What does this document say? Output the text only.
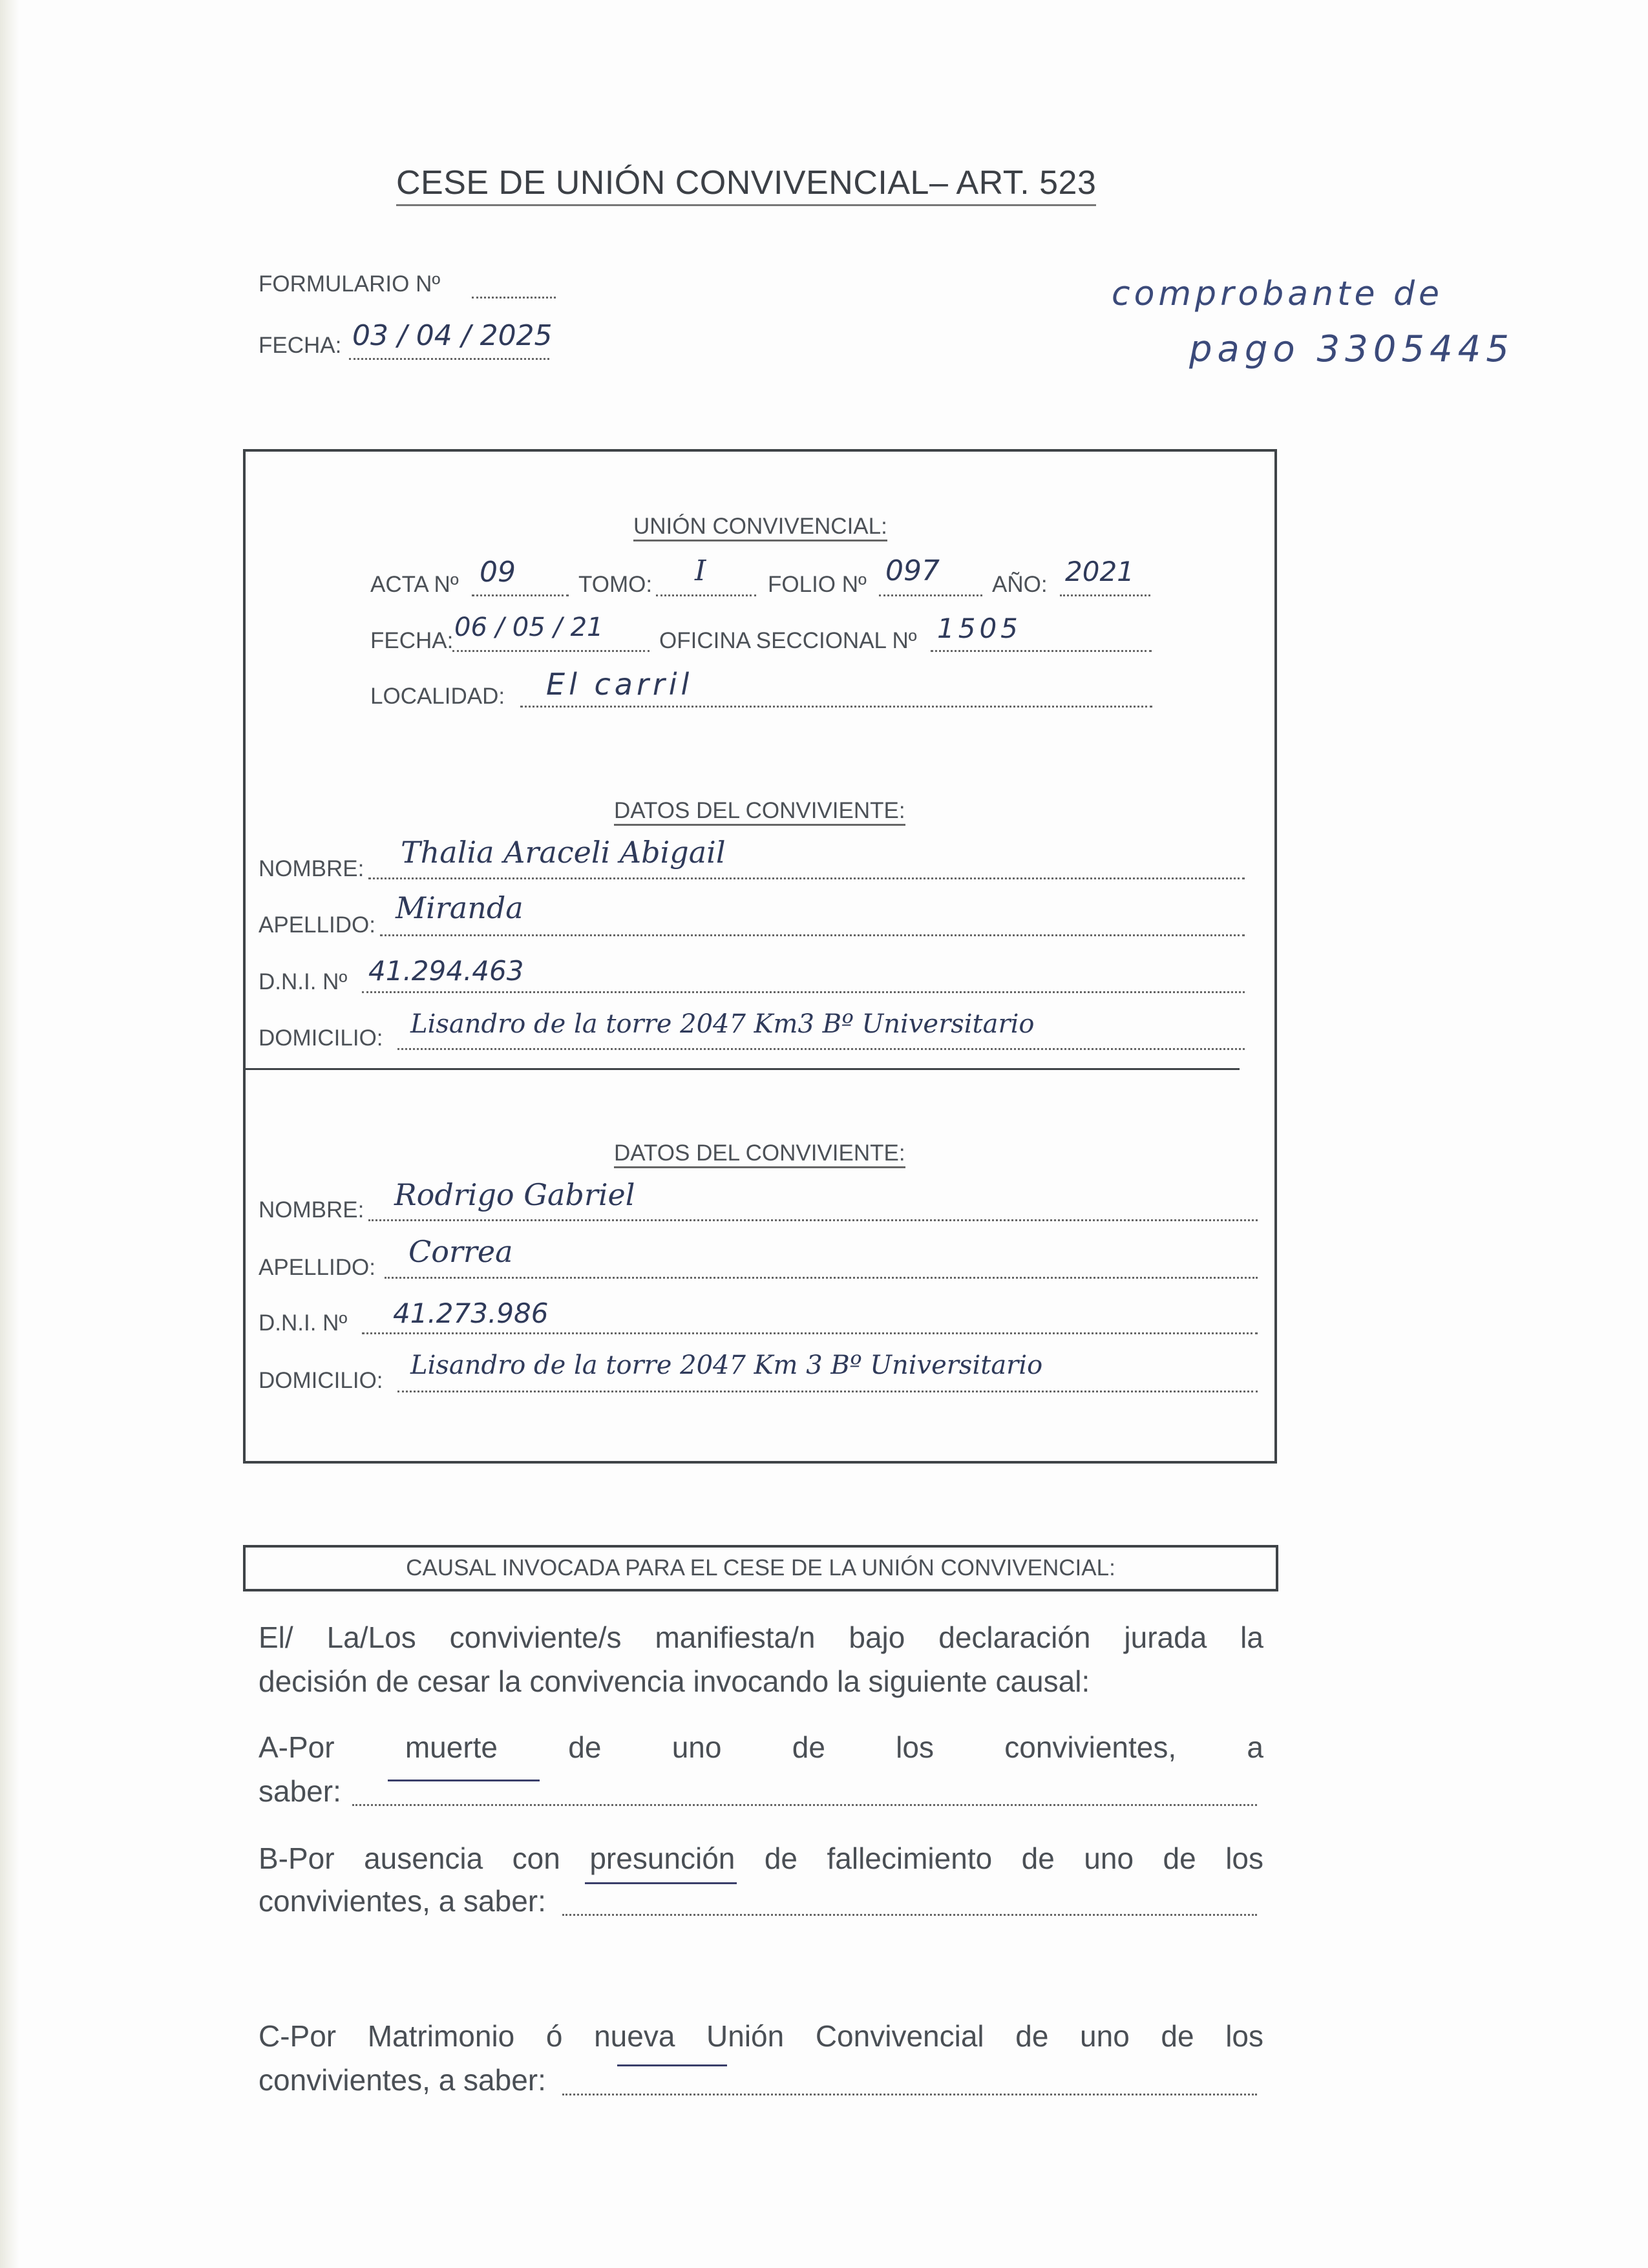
CESE DE UNIÓN CONVIVENCIAL– ART. 523
FORMULARIO Nº
FECHA: 03 / 04 / 2025
comprobante de
pago 3305445
UNIÓN CONVIVENCIAL:
ACTA Nº 09	TOMO: I	FOLIO Nº 097 AÑO: 2021
FECHA: 06 / 05 / 21 OFICINA SECCIONAL Nº 1505
LOCALIDAD: El carril
DATOS DEL CONVIVIENTE:
NOMBRE: Thalia Araceli Abigail
APELLIDO: Miranda
D.N.I. Nº 41.294.463
DOMICILIO: Lisandro de la torre 2047 Km3 Bº Universitario
DATOS DEL CONVIVIENTE:
NOMBRE: Rodrigo Gabriel
APELLIDO: Correa
D.N.I. Nº 41.273.986
DOMICILIO:
Lisandro de la torre 2047 Km 3 Bº Universitario
CAUSAL INVOCADA PARA EL CESE DE LA UNIÓN CONVIVENCIAL:
El/ La/Los conviviente/s manifiesta/n bajo declaración jurada la
decisión de cesar la convivencia invocando la siguiente causal:
A-Por muerte de uno de los convivientes, a
saber:
B-Por ausencia con presunción de fallecimiento de uno de los
convivientes, a saber:
C-Por Matrimonio ó nueva Unión Convivencial de uno de los
convivientes, a saber:
